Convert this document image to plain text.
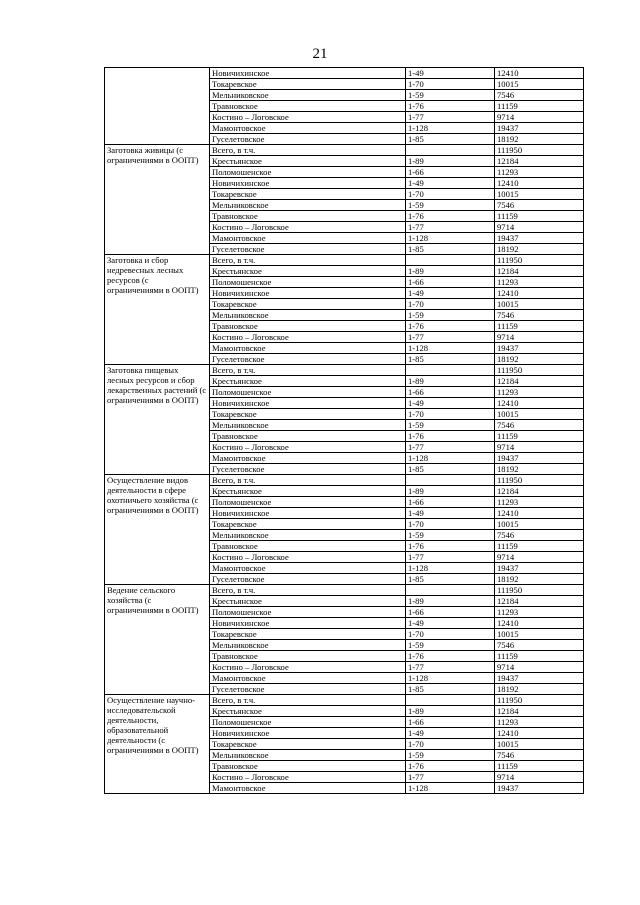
21
	Новичихинское	1-49	12410
	Токаревское	1-70	10015
	Мельниковское	1-59	7546
	Травновское	1-76	11159
	Костино – Логовское	1-77	9714
	Мамонтовское	1-128	19437
	Гуселетовское	1-85	18192
Заготовка живицы (с ограничениями в ООПТ)	Всего, в т.ч.		111950
	Крестьянское	1-89	12184
	Поломошенское	1-66	11293
	Новичихинское	1-49	12410
	Токаревское	1-70	10015
	Мельниковское	1-59	7546
	Травновское	1-76	11159
	Костино – Логовское	1-77	9714
	Мамонтовское	1-128	19437
	Гуселетовское	1-85	18192
Заготовка и сбор недревесных лесных ресурсов (с ограничениями в ООПТ)	Всего, в т.ч.		111950
	Крестьянское	1-89	12184
	Поломошенское	1-66	11293
	Новичихинское	1-49	12410
	Токаревское	1-70	10015
	Мельниковское	1-59	7546
	Травновское	1-76	11159
	Костино – Логовское	1-77	9714
	Мамонтовское	1-128	19437
	Гуселетовское	1-85	18192
Заготовка пищевых лесных ресурсов и сбор лекарственных растений (с ограничениями в ООПТ)	Всего, в т.ч.		111950
	Крестьянское	1-89	12184
	Поломошенское	1-66	11293
	Новичихинское	1-49	12410
	Токаревское	1-70	10015
	Мельниковское	1-59	7546
	Травновское	1-76	11159
	Костино – Логовское	1-77	9714
	Мамонтовское	1-128	19437
	Гуселетовское	1-85	18192
Осуществление видов деятельности в сфере охотничьего хозяйства (с ограничениями в ООПТ)	Всего, в т.ч.		111950
	Крестьянское	1-89	12184
	Поломошенское	1-66	11293
	Новичихинское	1-49	12410
	Токаревское	1-70	10015
	Мельниковское	1-59	7546
	Травновское	1-76	11159
	Костино – Логовское	1-77	9714
	Мамонтовское	1-128	19437
	Гуселетовское	1-85	18192
Ведение сельского хозяйства (с ограничениями в ООПТ)	Всего, в т.ч.		111950
	Крестьянское	1-89	12184
	Поломошенское	1-66	11293
	Новичихинское	1-49	12410
	Токаревское	1-70	10015
	Мельниковское	1-59	7546
	Травновское	1-76	11159
	Костино – Логовское	1-77	9714
	Мамонтовское	1-128	19437
	Гуселетовское	1-85	18192
Осуществление научно-исследовательской деятельности, образовательной деятельности (с ограничениями в ООПТ)	Всего, в т.ч.		111950
	Крестьянское	1-89	12184
	Поломошенское	1-66	11293
	Новичихинское	1-49	12410
	Токаревское	1-70	10015
	Мельниковское	1-59	7546
	Травновское	1-76	11159
	Костино – Логовское	1-77	9714
	Мамонтовское	1-128	19437
